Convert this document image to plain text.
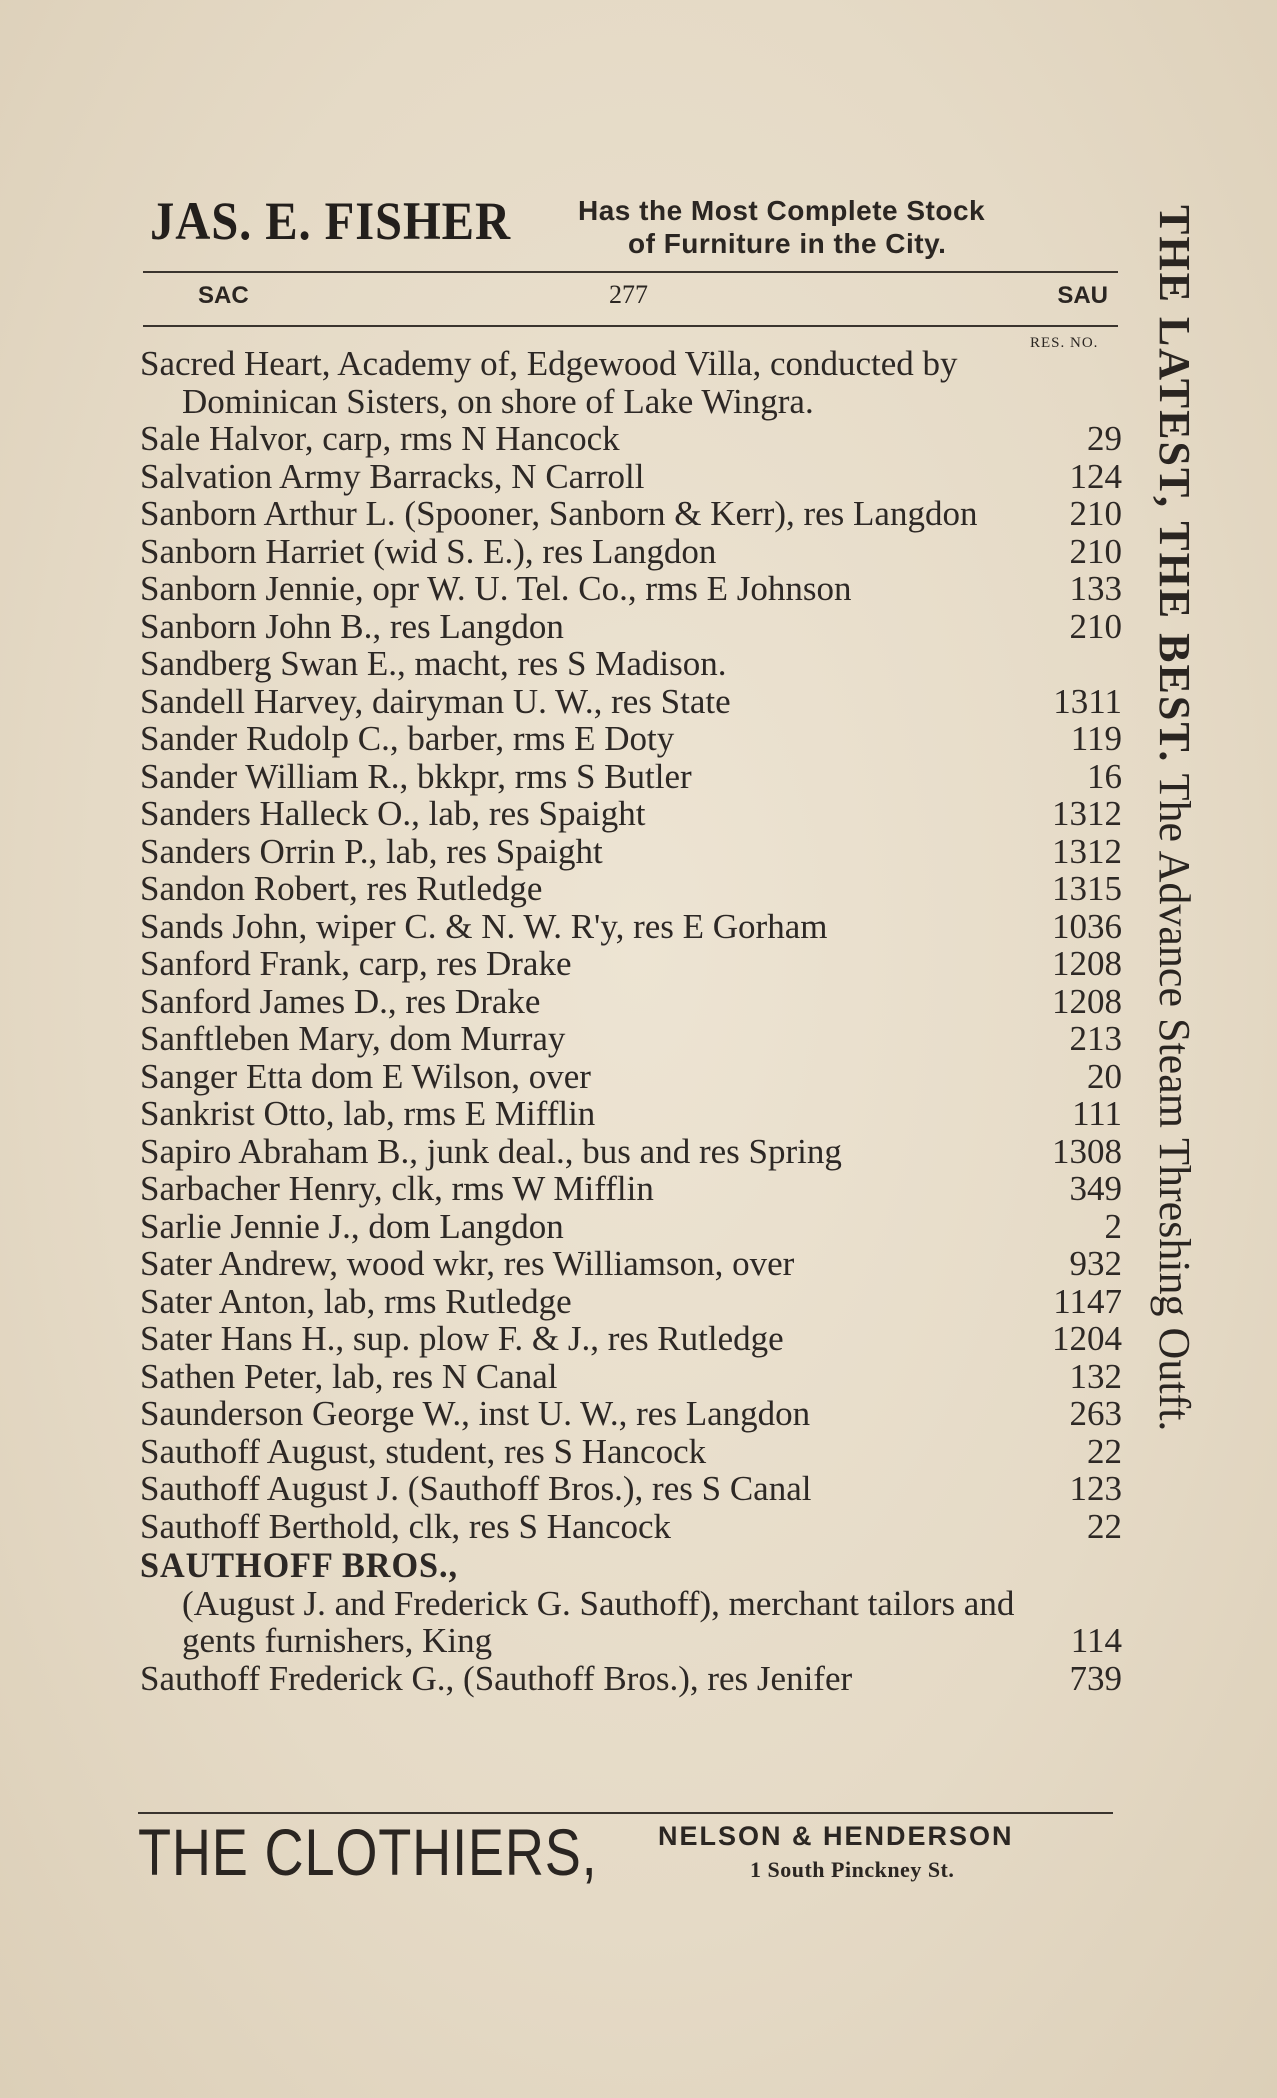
JAS. E. FISHER Has the Most Complete Stock
of Furniture in the City.
SAC	277	SAU
RES. NO.
Sacred Heart, Academy of, Edgewood Villa, conducted by Dominican Sisters, on shore of Lake Wingra.
Sale Halvor, carp, rms N Hancock	29
Salvation Army Barracks, N Carroll	124
Sanborn Arthur L. (Spooner, Sanborn & Kerr), res Langdon	210
Sanborn Harriet (wid S. E.), res Langdon	210
Sanborn Jennie, opr W. U. Tel. Co., rms E Johnson	133
Sanborn John B., res Langdon	210
Sandberg Swan E., macht, res S Madison.
Sandell Harvey, dairyman U. W., res State	1311
Sander Rudolp C., barber, rms E Doty	119
Sander William R., bkkpr, rms S Butler	16
Sanders Halleck O., lab, res Spaight	1312
Sanders Orrin P., lab, res Spaight	1312
Sandon Robert, res Rutledge	1315
Sands John, wiper C. & N. W. R'y, res E Gorham	1036
Sanford Frank, carp, res Drake	1208
Sanford James D., res Drake	1208
Sanftleben Mary, dom Murray	213
Sanger Etta dom E Wilson, over	20
Sankrist Otto, lab, rms E Mifflin	111
Sapiro Abraham B., junk deal., bus and res Spring	1308
Sarbacher Henry, clk, rms W Mifflin	349
Sarlie Jennie J., dom Langdon	2
Sater Andrew, wood wkr, res Williamson, over	932
Sater Anton, lab, rms Rutledge	1147
Sater Hans H., sup. plow F. & J., res Rutledge	1204
Sathen Peter, lab, res N Canal	132
Saunderson George W., inst U. W., res Langdon	263
Sauthoff August, student, res S Hancock	22
Sauthoff August J. (Sauthoff Bros.), res S Canal	123
Sauthoff Berthold, clk, res S Hancock	22
SAUTHOFF BROS.,
(August J. and Frederick G. Sauthoff), merchant tailors and gents furnishers, King	114
Sauthoff Frederick G., (Sauthoff Bros.), res Jenifer	739
THE CLOTHIERS, NELSON & HENDERSON
1 South Pinckney St.
THE LATEST, THE BEST. The Advance Steam Threshing Outft.
